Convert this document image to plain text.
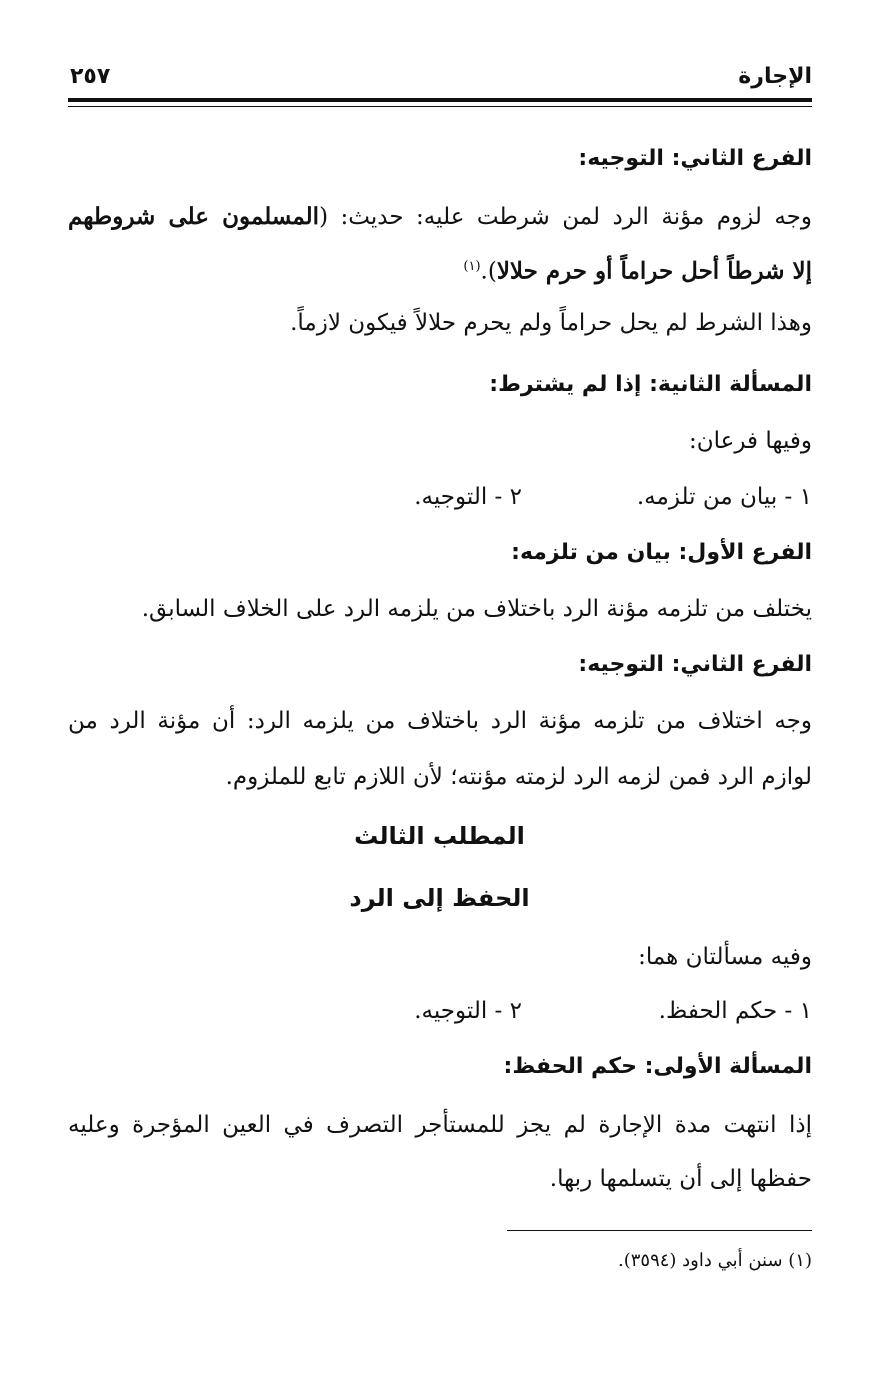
الإجارة
٢٥٧
الفرع الثاني: التوجيه:
وجه لزوم مؤنة الرد لمن شرطت عليه: حديث: (المسلمون على شروطهم
إلا شرطاً أحل حراماً أو حرم حلالا).$^{(١)}$
وهذا الشرط لم يحل حراماً ولم يحرم حلالاً فيكون لازماً.
المسألة الثانية: إذا لم يشترط:
وفيها فرعان:
١ - بيان من تلزمه.
٢ - التوجيه.
الفرع الأول: بيان من تلزمه:
يختلف من تلزمه مؤنة الرد باختلاف من يلزمه الرد على الخلاف السابق.
الفرع الثاني: التوجيه:
وجه اختلاف من تلزمه مؤنة الرد باختلاف من يلزمه الرد: أن مؤنة الرد من
لوازم الرد فمن لزمه الرد لزمته مؤنته؛ لأن اللازم تابع للملزوم.
المطلب الثالث
الحفظ إلى الرد
وفيه مسألتان هما:
١ - حكم الحفظ.
٢ - التوجيه.
المسألة الأولى: حكم الحفظ:
إذا انتهت مدة الإجارة لم يجز للمستأجر التصرف في العين المؤجرة وعليه
حفظها إلى أن يتسلمها ربها.
(١) سنن أبي داود (٣٥٩٤).
